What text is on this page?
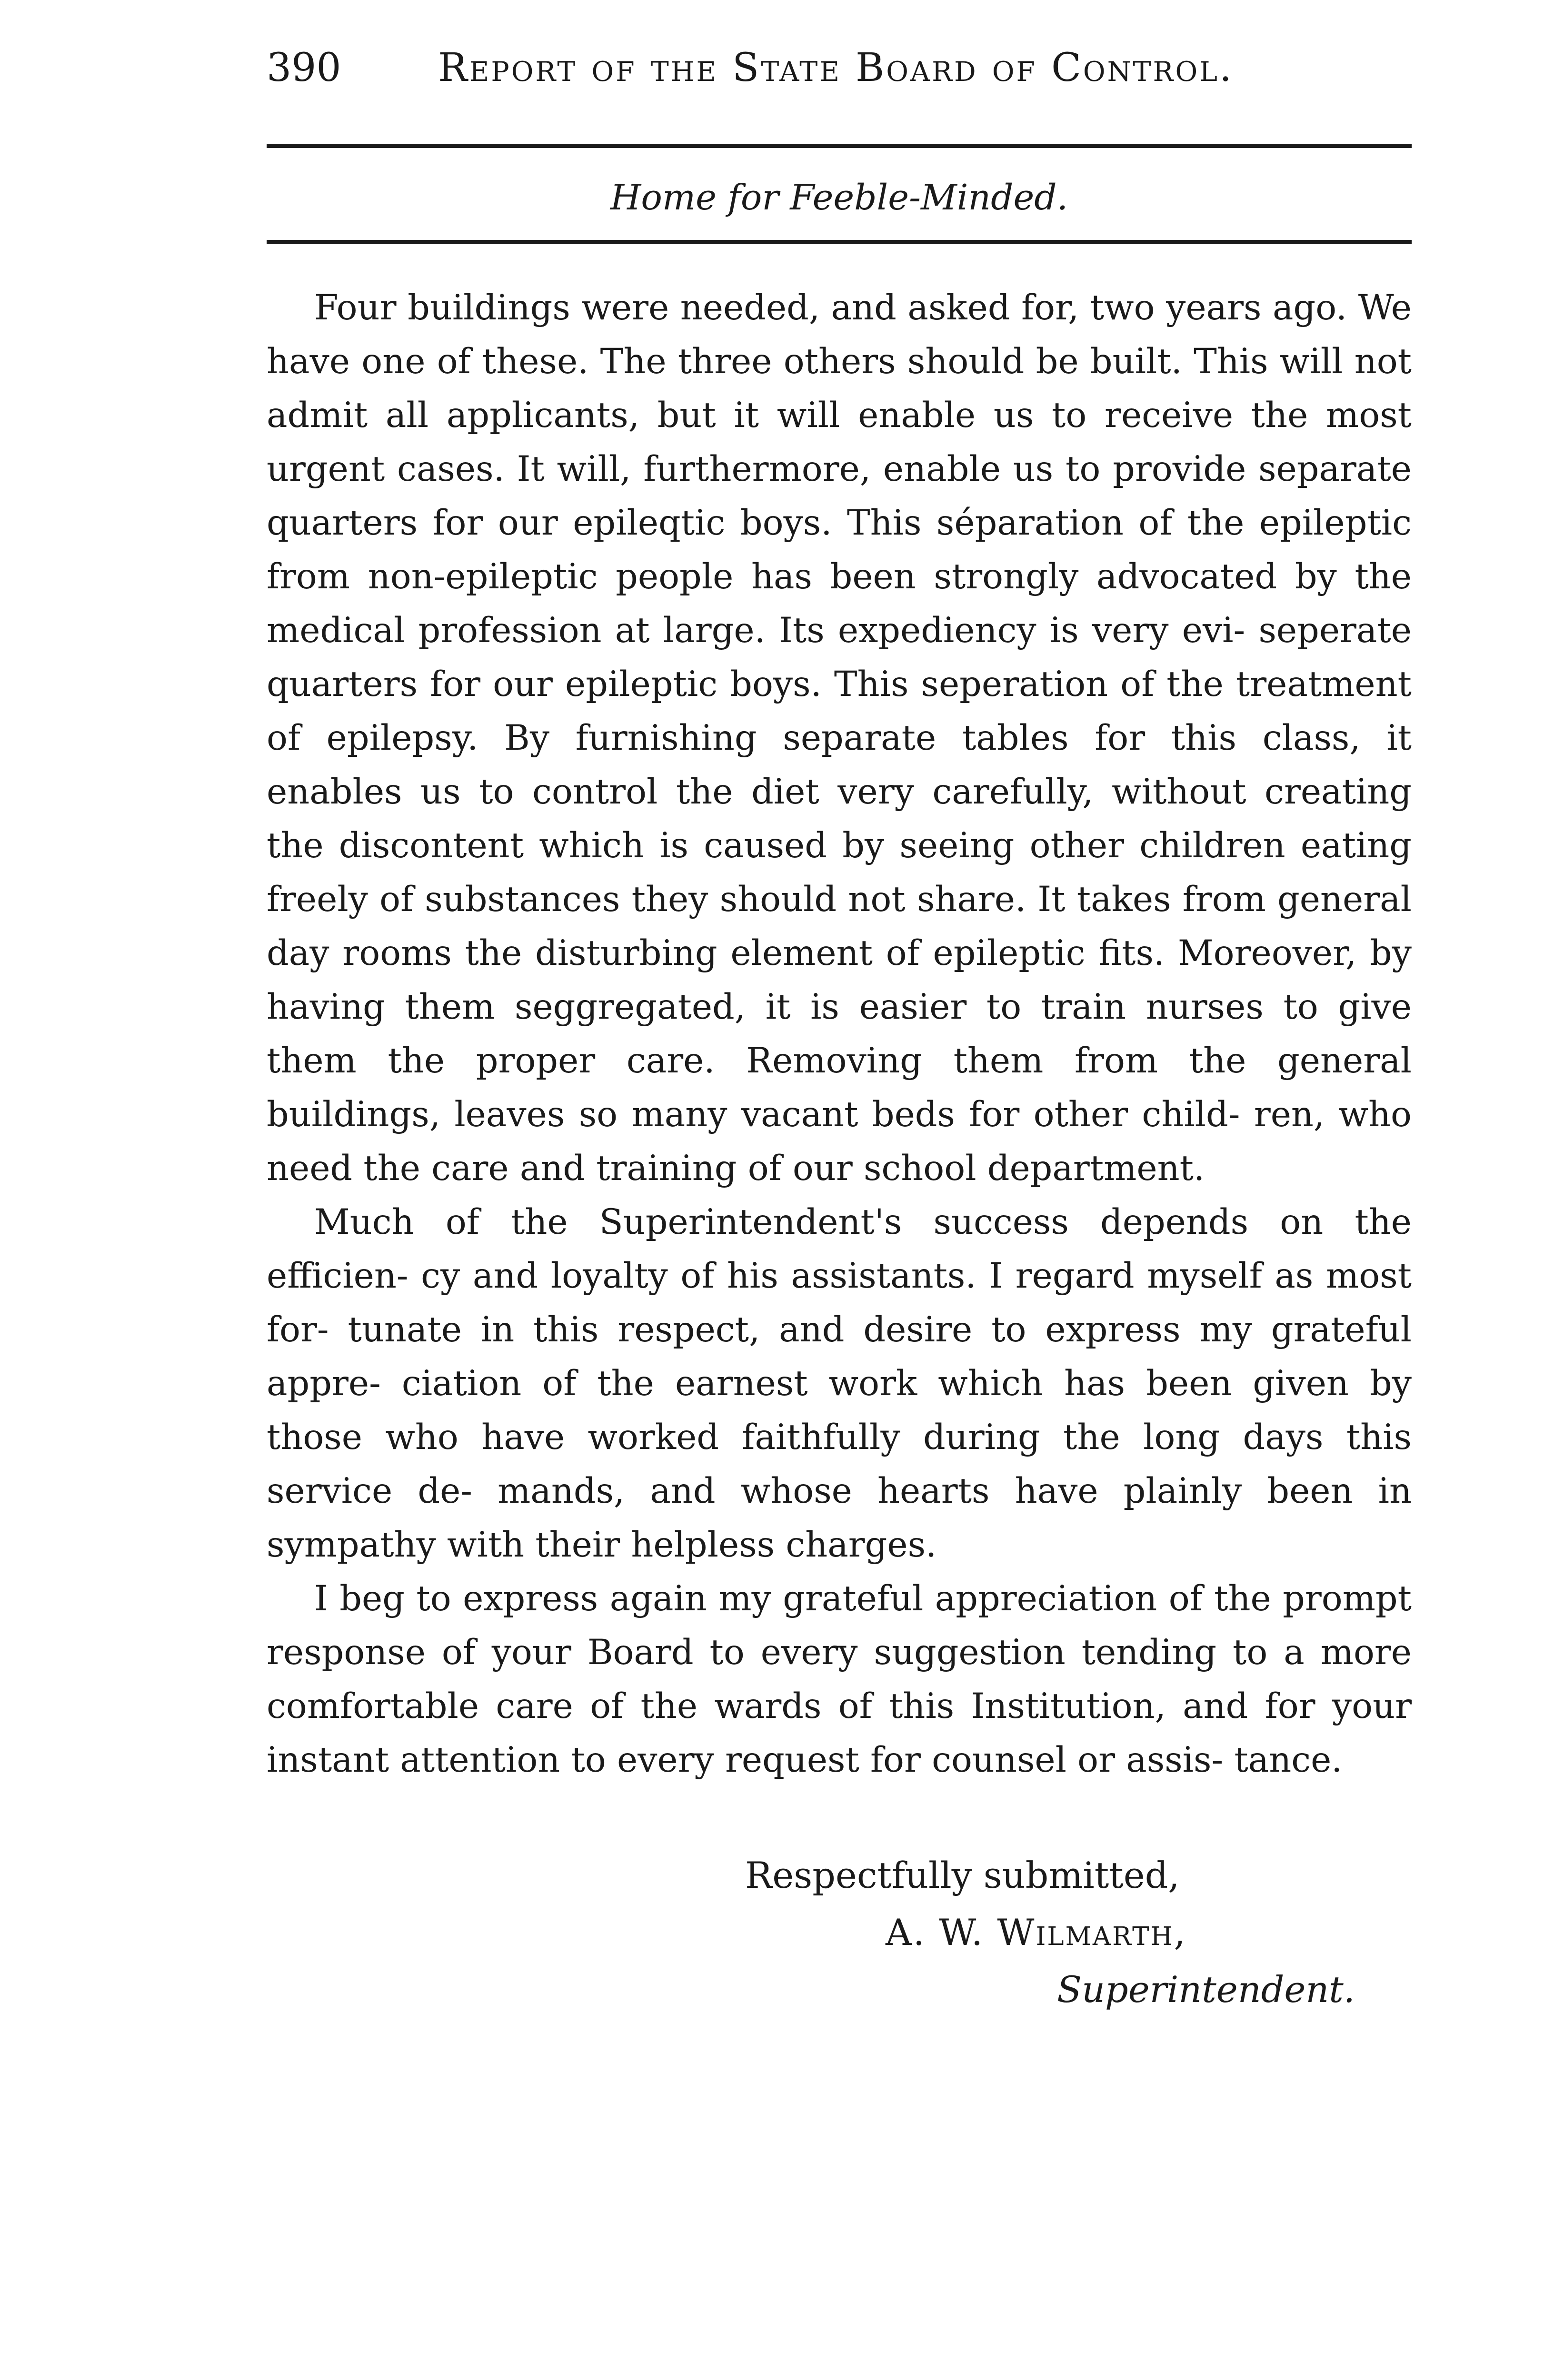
390 Report of the State Board of Control.
Home for Feeble-Minded.

Four buildings were needed, and asked for, two years ago. We have one of these. The three others should be built. This will not admit all applicants, but it will enable us to receive the most urgent cases. It will, furthermore, enable us to provide separate quarters for our epileqtic boys. This séparation of the epileptic from non-epileptic people has been strongly advocated by the medical profession at large. Its expediency is very evi- seperate quarters for our epileptic boys. This seperation of the treatment of epilepsy. By furnishing separate tables for this class, it enables us to control the diet very carefully, without creating the discontent which is caused by seeing other children eating freely of substances they should not share. It takes from general day rooms the disturbing element of epileptic fits. Moreover, by having them seggregated, it is easier to train nurses to give them the proper care. Removing them from the general buildings, leaves so many vacant beds for other child- ren, who need the care and training of our school department.

Much of the Superintendent's success depends on the efficien- cy and loyalty of his assistants. I regard myself as most for- tunate in this respect, and desire to express my grateful appre- ciation of the earnest work which has been given by those who have worked faithfully during the long days this service de- mands, and whose hearts have plainly been in sympathy with their helpless charges.

I beg to express again my grateful appreciation of the prompt response of your Board to every suggestion tending to a more comfortable care of the wards of this Institution, and for your instant attention to every request for counsel or assis- tance.

Respectfully submitted,
A. W. Wilmarth,
Superintendent.
